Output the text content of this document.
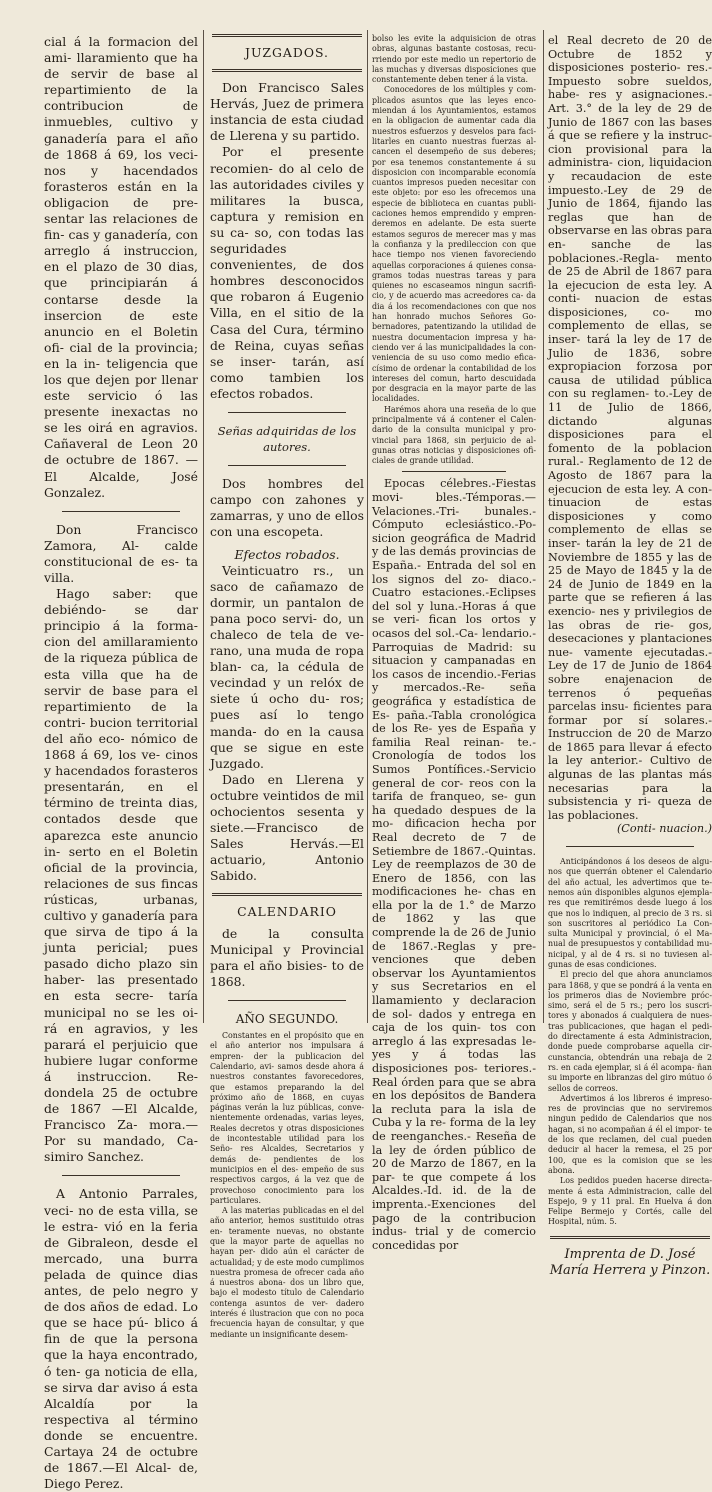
cial á la formacion del ami- llaramiento que ha de servir de base al repartimiento de la contribucion de inmuebles, cultivo y ganadería para el año de 1868 á 69, los veci- nos y hacendados forasteros están en la obligacion de pre- sentar las relaciones de fin- cas y ganadería, con arreglo á instruccion, en el plazo de 30 dias, que principiarán á contarse desde la insercion de este anuncio en el Boletin ofi- cial de la provincia; en la in- teligencia que los que dejen por llenar este servicio ó las presente inexactas no se les oirá en agravios. Cañaveral de Leon 20 de octubre de 1867. —El Alcalde, José Gonzalez.

Don Francisco Zamora, Al- calde constitucional de es- ta villa.

Hago saber: que debiéndo- se dar principio á la forma- cion del amillaramiento de la riqueza pública de esta villa que ha de servir de base para el repartimiento de la contri- bucion territorial del año eco- nómico de 1868 á 69, los ve- cinos y hacendados forasteros presentarán, en el término de treinta dias, contados desde que aparezca este anuncio in- serto en el Boletin oficial de la provincia, relaciones de sus fincas rústicas, urbanas, cultivo y ganadería para que sirva de tipo á la junta pericial; pues pasado dicho plazo sin haber- las presentado en esta secre- taría municipal no se les oi- rá en agravios, y les parará el perjuicio que hubiere lugar conforme á instruccion. Re- dondela 25 de octubre de 1867 —El Alcalde, Francisco Za- mora.—Por su mandado, Ca- simiro Sanchez.

A Antonio Parrales, veci- no de esta villa, se le estra- vió en la feria de Gibraleon, desde el mercado, una burra pelada de quince dias antes, de pelo negro y de dos años de edad. Lo que se hace pú- blico á fin de que la persona que la haya encontrado, ó ten- ga noticia de ella, se sirva dar aviso á esta Alcaldía por la respectiva al término donde se encuentre. Cartaya 24 de octubre de 1867.—El Alcal- de, Diego Perez.

JUZGADOS.

Don Francisco Sales Hervás, Juez de primera instancia de esta ciudad de Llerena y su partido.

Por el presente recomien- do al celo de las autoridades civiles y militares la busca, captura y remision en su ca- so, con todas las seguridades convenientes, de dos hombres desconocidos que robaron á Eugenio Villa, en el sitio de la Casa del Cura, término de Reina, cuyas señas se inser- tarán, así como tambien los efectos robados.

Señas adquiridas de los autores.

Dos hombres del campo con zahones y zamarras, y uno de ellos con una escopeta.

Efectos robados.

Veinticuatro rs., un saco de cañamazo de dormir, un pantalon de pana poco servi- do, un chaleco de tela de ve- rano, una muda de ropa blan- ca, la cédula de vecindad y un relóx de siete ú ocho du- ros; pues así lo tengo manda- do en la causa que se sigue en este Juzgado.

Dado en Llerena y octubre veintidos de mil ochocientos sesenta y siete.—Francisco de Sales Hervás.—El actuario, Antonio Sabido.

CALENDARIO

de la consulta Municipal y Provincial para el año bisies- to de 1868.

AÑO SEGUNDO.

Constantes en el propósito que en el año anterior nos impulsara á empren- der la publicacion del Calendario, avi- samos desde ahora á nuestros constantes favorecedores, que estamos preparando la del próximo año de 1868, en cuyas páginas verán la luz públicas, conve- nientemente ordenadas, varias leyes, Reales decretos y otras disposiciones de incontestable utilidad para los Seño- res Alcaldes, Secretarios y demás de- pendientes de los municipios en el des- empeño de sus respectivos cargos, á la vez que de provechoso conocimiento para los particulares.

A las materias publicadas en el del año anterior, hemos sustituido otras en- teramente nuevas, no obstante que la mayor parte de aquellas no hayan per- dido aún el carácter de actualidad; y de este modo cumplimos nuestra promesa de ofrecer cada año á nuestros abona- dos un libro que, bajo el modesto título de Calendario contenga asuntos de ver- dadero interés é ilustracion que con no poca frecuencia hayan de consultar, y que mediante un insignificante desem-

bolso les evite la adquisicion de otras obras, algunas bastante costosas, recu- rriendo por este medio un repertorio de las muchas y diversas disposiciones que constantemente deben tener á la vista.

Conocedores de los múltiples y com- plicados asuntos que las leyes enco- miendan á los Ayuntamientos, estamos en la obligacion de aumentar cada dia nuestros esfuerzos y desvelos para faci- litarles en cuanto nuestras fuerzas al- cancen el desempeño de sus deberes; por esa tenemos constantemente á su disposicion con incomparable economía cuantos impresos pueden necesitar con este objeto: por eso les ofrecemos una especie de biblioteca en cuantas publi- caciones hemos emprendido y empren- deremos en adelante. De esta suerte estamos seguros de merecer mas y mas la confianza y la predileccion con que hace tiempo nos vienen favoreciendo aquellas corporaciones á quienes consa- gramos todas nuestras tareas y para quienes no escaseamos ningun sacrifi- cio, y de acuerdo mas acreedores ca- da dia á los recomendaciones con que nos han honrado muchos Señores Go- bernadores, patentizando la utilidad de nuestra documentacion impresa y ha- ciendo ver á las municipalidades la con- veniencia de su uso como medio efica- císimo de ordenar la contabilidad de los intereses del comun, harto descuidada por desgracia en la mayor parte de las localidades.

Harémos ahora una reseña de lo que principalmente vá á contener el Calen- dario de la consulta municipal y pro- vincial para 1868, sin perjuicio de al- gunas otras noticias y disposiciones ofi- ciales de grande utilidad.

Epocas célebres.-Fiestas movi- bles.-Témporas.—Velaciones.-Tri- bunales.-Cómputo eclesiástico.-Po- sicion geográfica de Madrid y de las demás provincias de España.- Entrada del sol en los signos del zo- diaco.-Cuatro estaciones.-Eclipses del sol y luna.-Horas á que se veri- fican los ortos y ocasos del sol.-Ca- lendario.-Parroquias de Madrid: su situacion y campanadas en los casos de incendio.-Ferias y mercados.-Re- seña geográfica y estadística de Es- paña.-Tabla cronológica de los Re- yes de España y familia Real reinan- te.-Cronología de todos los Sumos Pontífices.-Servicio general de cor- reos con la tarifa de franqueo, se- gun ha quedado despues de la mo- dificacion hecha por Real decreto de 7 de Setiembre de 1867.-Quintas. Ley de reemplazos de 30 de Enero de 1856, con las modificaciones he- chas en ella por la de 1.° de Marzo de 1862 y las que comprende la de 26 de Junio de 1867.-Reglas y pre- venciones que deben observar los Ayuntamientos y sus Secretarios en el llamamiento y declaracion de sol- dados y entrega en caja de los quin- tos con arreglo á las expresadas le- yes y á todas las disposiciones pos- teriores.-Real órden para que se abra en los depósitos de Bandera la recluta para la isla de Cuba y la re- forma de la ley de reenganches.- Reseña de la ley de órden público de 20 de Marzo de 1867, en la par- te que compete á los Alcaldes.-Id. id. de la de imprenta.-Exenciones del pago de la contribucion indus- trial y de comercio concedidas por

el Real decreto de 20 de Octubre de 1852 y disposiciones posterio- res.-Impuesto sobre sueldos, habe- res y asignaciones.-Art. 3.° de la ley de 29 de Junio de 1867 con las bases á que se refiere y la instruc- cion provisional para la administra- cion, liquidacion y recaudacion de este impuesto.-Ley de 29 de Junio de 1864, fijando las reglas que han de observarse en las obras para en- sanche de las poblaciones.-Regla- mento de 25 de Abril de 1867 para la ejecucion de esta ley. A conti- nuacion de estas disposiciones, co- mo complemento de ellas, se inser- tará la ley de 17 de Julio de 1836, sobre expropiacion forzosa por causa de utilidad pública con su reglamen- to.-Ley de 11 de Julio de 1866, dictando algunas disposiciones para el fomento de la poblacion rural.- Reglamento de 12 de Agosto de 1867 para la ejecucion de esta ley. A con- tinuacion de estas disposiciones y como complemento de ellas se inser- tarán la ley de 21 de Noviembre de 1855 y las de 25 de Mayo de 1845 y la de 24 de Junio de 1849 en la parte que se refieren á las exencio- nes y privilegios de las obras de rie- gos, desecaciones y plantaciones nue- vamente ejecutadas.-Ley de 17 de Junio de 1864 sobre enajenacion de terrenos ó pequeñas parcelas insu- ficientes para formar por sí solares.- Instruccion de 20 de Marzo de 1865 para llevar á efecto la ley anterior.- Cultivo de algunas de las plantas más necesarias para la subsistencia y ri- queza de las poblaciones.

(Conti- nuacion.)

Anticipándonos á los deseos de algu- nos que querrán obtener el Calendario del año actual, les advertimos que te- nemos aún disponibles algunos ejempla- res que remitirémos desde luego á los que nos lo indiquen, al precio de 3 rs. si son suscritores al periódico La Con- sulta Municipal y provincial, ó el Ma- nual de presupuestos y contabilidad mu- nicipal, y al de 4 rs. si no tuviesen al- gunas de esas condiciones.

El precio del que ahora anunciamos para 1868, y que se pondrá á la venta en los primeros dias de Noviembre próc- simo, será el de 5 rs.; pero los suscri- tores y abonados á cualquiera de nues- tras publicaciones, que hagan el pedi- do directamente á esta Administracion, donde puede comprobarse aquella cir- cunstancia, obtendrán una rebaja de 2 rs. en cada ejemplar, si á él acompa- ñan su importe en libranzas del giro mútuo ó sellos de correos.

Advertimos á los libreros é impreso- res de provincias que no serviremos ningun pedido de Calendarios que nos hagan, si no acompañan á él el impor- te de los que reclamen, del cual pueden deducir al hacer la remesa, el 25 por 100, que es la comision que se les abona.

Los pedidos pueden hacerse directa- mente á esta Administracion, calle del Espejo, 9 y 11 pral. En Huelva á don Felipe Bermejo y Cortés, calle del Hospital, núm. 5.

Imprenta de D. José María Herrera y Pinzon.
